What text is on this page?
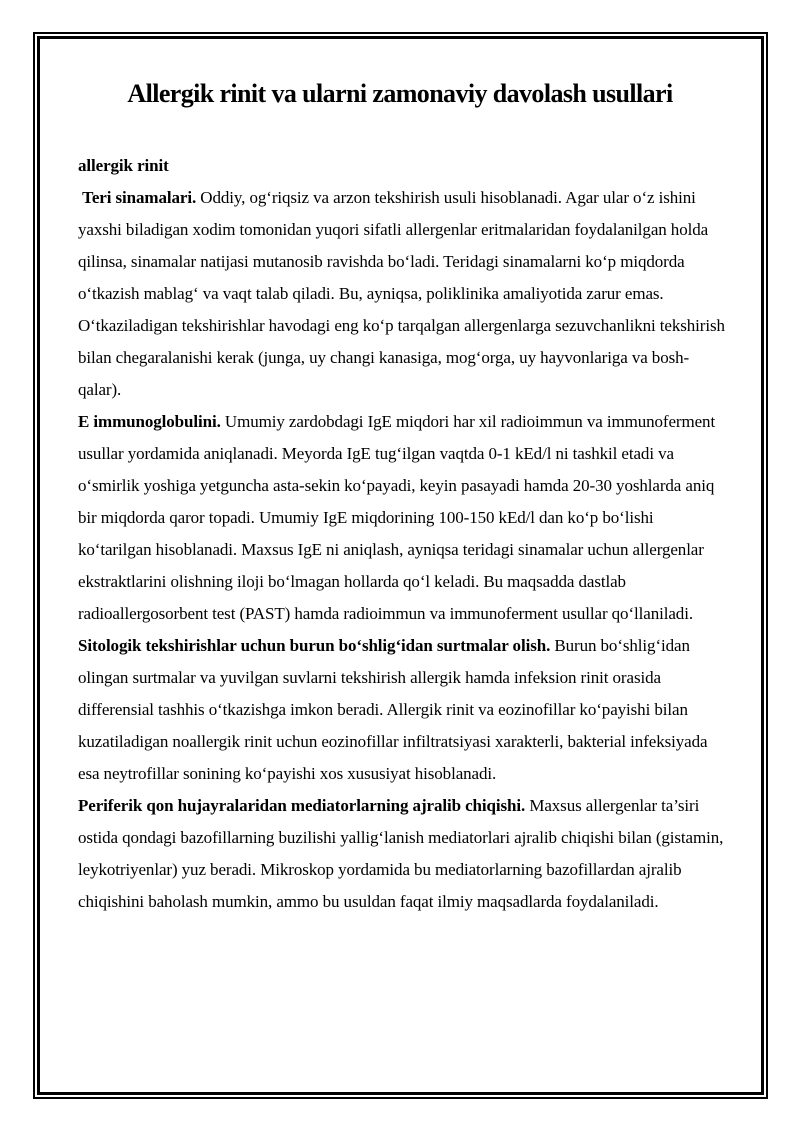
Allergik rinit va ularni zamonaviy davolash usullari

allergik rinit

Teri sinamalari. Oddiy, og‘riqsiz va arzon tekshirish usuli hisoblanadi. Agar ular o‘z ishini yaxshi biladigan xodim tomonidan yuqori sifatli allergenlar eritmalaridan foydalanilgan holda qilinsa, sinamalar natijasi mutanosib ravishda bo‘ladi. Teridagi sinamalarni ko‘p miqdorda o‘tkazish mablag‘ va vaqt talab qiladi. Bu, ayniqsa, poliklinika amaliyotida zarur emas. O‘tkaziladigan tekshirishlar havodagi eng ko‘p tarqalgan allergenlarga sezuvchanlikni tekshirish bilan chegaralanishi kerak (junga, uy changi kanasiga, mog‘orga, uy hayvonlariga va bosh-qalar).

E immunoglobulini. Umumiy zardobdagi IgE miqdori har xil radioimmun va immunoferment usullar yordamida aniqlanadi. Meyorda IgE tug‘ilgan vaqtda 0-1 kEd/l ni tashkil etadi va o‘smirlik yoshiga yetguncha asta-sekin ko‘payadi, keyin pasayadi hamda 20-30 yoshlarda aniq bir miqdorda qaror topadi. Umumiy IgE miqdorining 100-150 kEd/l dan ko‘p bo‘lishi ko‘tarilgan hisoblanadi. Maxsus IgE ni aniqlash, ayniqsa teridagi sinamalar uchun allergenlar ekstraktlarini olishning iloji bo‘lmagan hollarda qo‘l keladi. Bu maqsadda dastlab radioallergosorbent test (PAST) hamda radioimmun va immunoferment usullar qo‘llaniladi.

Sitologik tekshirishlar uchun burun bo‘shlig‘idan surtmalar olish. Burun bo‘shlig‘idan olingan surtmalar va yuvilgan suvlarni tekshirish allergik hamda infeksion rinit orasida differensial tashhis o‘tkazishga imkon beradi. Allergik rinit va eozinofillar ko‘payishi bilan kuzatiladigan noallergik rinit uchun eozinofillar infiltratsiyasi xarakterli, bakterial infeksiyada esa neytrofillar sonining ko‘payishi xos xususiyat hisoblanadi.

Periferik qon hujayralaridan mediatorlarning ajralib chiqishi. Maxsus allergenlar ta’siri ostida qondagi bazofillarning buzilishi yallig‘lanish mediatorlari ajralib chiqishi bilan (gistamin, leykotriyenlar) yuz beradi. Mikroskop yordamida bu mediatorlarning bazofillardan ajralib chiqishini baholash mumkin, ammo bu usuldan faqat ilmiy maqsadlarda foydalaniladi.
